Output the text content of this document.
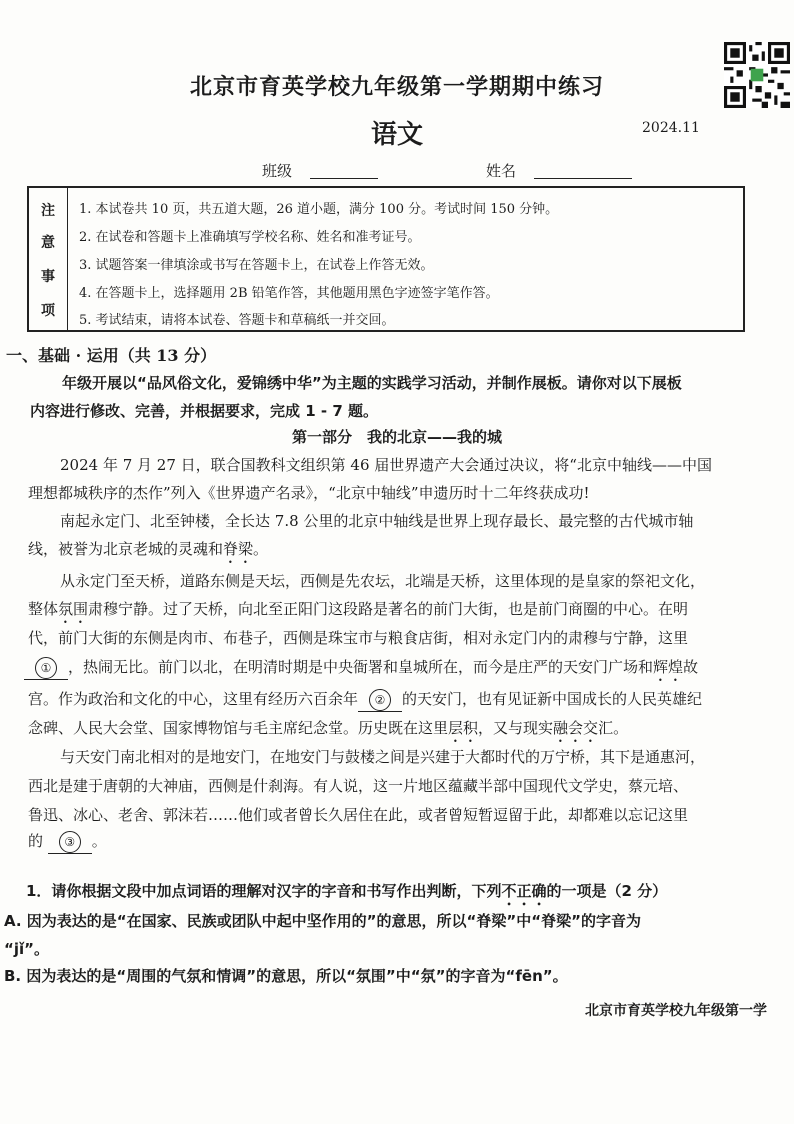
北京市育英学校九年级第一学期期中练习
语文	2024.11
班级	姓名
注
意
事
项
1. 本试卷共 10 页，共五道大题，26 道小题，满分 100 分。考试时间 150 分钟。
2. 在试卷和答题卡上准确填写学校名称、姓名和准考证号。
3. 试题答案一律填涂或书写在答题卡上，在试卷上作答无效。
4. 在答题卡上，选择题用 2B 铅笔作答，其他题用黑色字迹签字笔作答。
5. 考试结束，请将本试卷、答题卡和草稿纸一并交回。
一、基础 · 运用（共 13 分）
年级开展以“品风俗文化，爱锦绣中华”为主题的实践学习活动，并制作展板。请你对以下展板
内容进行修改、完善，并根据要求，完成 1 - 7 题。
第一部分　我的北京——我的城
2024 年 7 月 27 日，联合国教科文组织第 46 届世界遗产大会通过决议，将“北京中轴线——中国
理想都城秩序的杰作”列入《世界遗产名录》，“北京中轴线”申遗历时十二年终获成功!
南起永定门、北至钟楼，全长达 7.8 公里的北京中轴线是世界上现存最长、最完整的古代城市轴
线，被誉为北京老城的灵魂和脊梁。
从永定门至天桥，道路东侧是天坛，西侧是先农坛，北端是天桥，这里体现的是皇家的祭祀文化，
整体氛围肃穆宁静。过了天桥，向北至正阳门这段路是著名的前门大街，也是前门商圈的中心。在明
代，前门大街的东侧是肉市、布巷子，西侧是珠宝市与粮食店街，相对永定门内的肃穆与宁静，这里
① ，热闹无比。前门以北，在明清时期是中央衙署和皇城所在，而今是庄严的天安门广场和辉煌故
宫。作为政治和文化的中心，这里有经历六百余年 ② 的天安门，也有见证新中国成长的人民英雄纪
念碑、人民大会堂、国家博物馆与毛主席纪念堂。历史既在这里层积，又与现实融会交汇。
与天安门南北相对的是地安门，在地安门与鼓楼之间是兴建于大都时代的万宁桥，其下是通惠河，
西北是建于唐朝的大神庙，西侧是什刹海。有人说，这一片地区蕴藏半部中国现代文学史，蔡元培、
鲁迅、冰心、老舍、郭沫若……他们或者曾长久居住在此，或者曾短暂逗留于此，却都难以忘记这里
的 ③ 。
1．请你根据文段中加点词语的理解对汉字的字音和书写作出判断，下列不正确的一项是（2 分）
A. 因为表达的是“在国家、民族或团队中起中坚作用的”的意思，所以“脊梁”中“脊梁”的字音为
“jǐ”。
B. 因为表达的是“周围的气氛和情调”的意思，所以“氛围”中“氛”的字音为“fēn”。
北京市育英学校九年级第一学
